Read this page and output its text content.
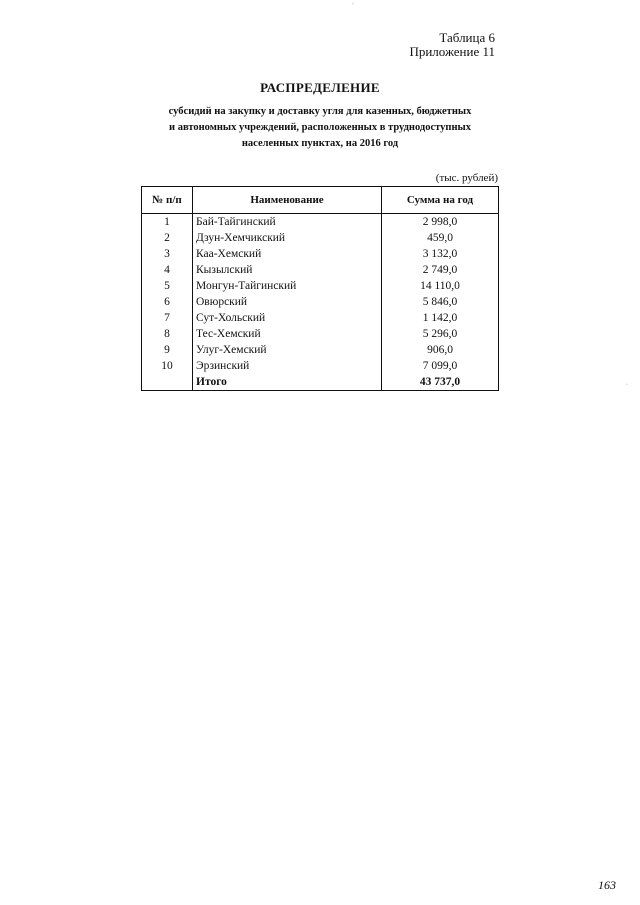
Таблица 6
Приложение 11
РАСПРЕДЕЛЕНИЕ
субсидий на закупку и доставку угля для казенных, бюджетных
и автономных учреждений, расположенных в труднодоступных
населенных пунктах, на 2016 год
(тыс. рублей)
№ п/п	Наименование	Сумма на год
1	Бай-Тайгинский	2 998,0
2	Дзун-Хемчикский	459,0
3	Каа-Хемский	3 132,0
4	Кызылский	2 749,0
5	Монгун-Тайгинский	14 110,0
6	Овюрский	5 846,0
7	Сут-Хольский	1 142,0
8	Тес-Хемский	5 296,0
9	Улуг-Хемский	906,0
10	Эрзинский	7 099,0
	Итого	43 737,0
163
`
·
